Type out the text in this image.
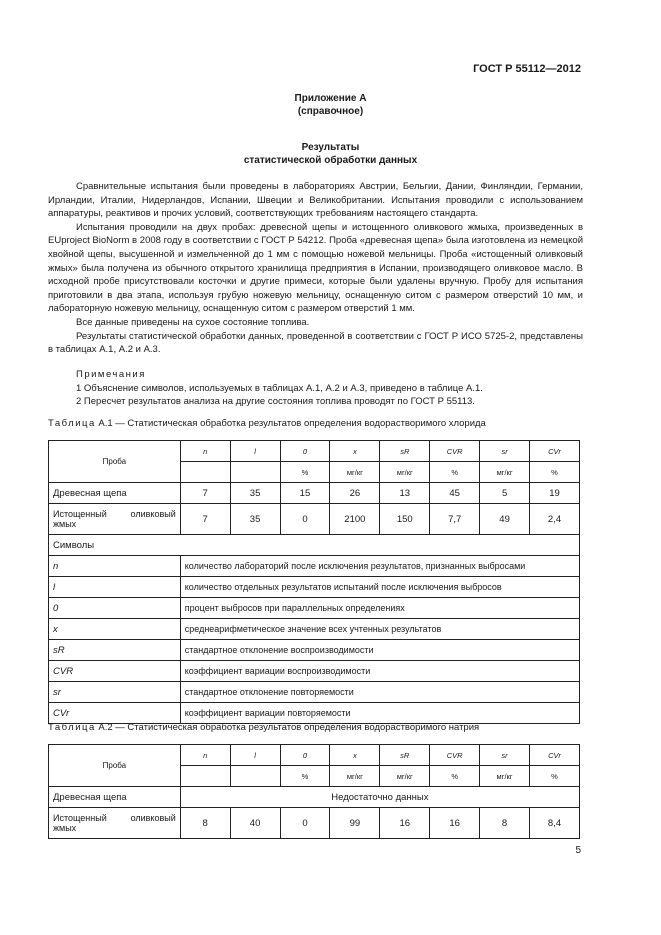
ГОСТ Р 55112—2012
Приложение А
(справочное)
Результаты
статистической обработки данных

Сравнительные испытания были проведены в лабораториях Австрии, Бельгии, Дании, Финляндии, Германии, Ирландии, Италии, Нидерландов, Испании, Швеции и Великобритании. Испытания проводили с использованием аппаратуры, реактивов и прочих условий, соответствующих требованиям настоящего стандарта.

Испытания проводили на двух пробах: древесной щепы и истощенного оливкового жмыха, произведенных в EUproject BioNorm в 2008 году в соответствии с ГОСТ Р 54212. Проба «древесная щепа» была изготовлена из немецкой хвойной щепы, высушенной и измельченной до 1 мм с помощью ножевой мельницы. Проба «истощенный оливковый жмых» была получена из обычного открытого хранилища предприятия в Испании, производящего оливковое масло. В исходной пробе присутствовали косточки и другие примеси, которые были удалены вручную. Пробу для испытания приготовили в два этапа, используя грубую ножевую мельницу, оснащенную ситом с размером отверстий 10 мм, и лабораторную ножевую мельницу, оснащенную ситом с размером отверстий 1 мм.

Все данные приведены на сухое состояние топлива.

Результаты статистической обработки данных, проведенной в соответствии с ГОСТ Р ИСО 5725-2, представлены в таблицах А.1, А.2 и А.3.

Примечания
1 Объяснение символов, используемых в таблицах А.1, А.2 и А.3, приведено в таблице А.1.
2 Пересчет результатов анализа на другие состояния топлива проводят по ГОСТ Р 55113.
Таблица А.1 — Статистическая обработка результатов определения водорастворимого хлорида
Проба	n	l	0	x	sR	CVR	sr	CVr
			%	мг/кг	мг/кг	%	мг/кг	%
Древесная щепа	7	35	15	26	13	45	5	19
Истощенный оливковый жмых	7	35	0	2100	150	7,7	49	2,4
Символы								
n	количество лабораторий после исключения результатов, признанных выбросами							
l	количество отдельных результатов испытаний после исключения выбросов							
0	процент выбросов при параллельных определениях							
x	среднеарифметическое значение всех учтенных результатов							
sR	стандартное отклонение воспроизводимости							
CVR	коэффициент вариации воспроизводимости							
sr	стандартное отклонение повторяемости							
CVr	коэффициент вариации повторяемости							
Таблица А.2 — Статистическая обработка результатов определения водорастворимого натрия
Проба	n	l	0	x	sR	CVR	sr	CVr
			%	мг/кг	мг/кг	%	мг/кг	%
Древесная щепа	Недостаточно данных							
Истощенный оливковый жмых	8	40	0	99	16	16	8	8,4
5
